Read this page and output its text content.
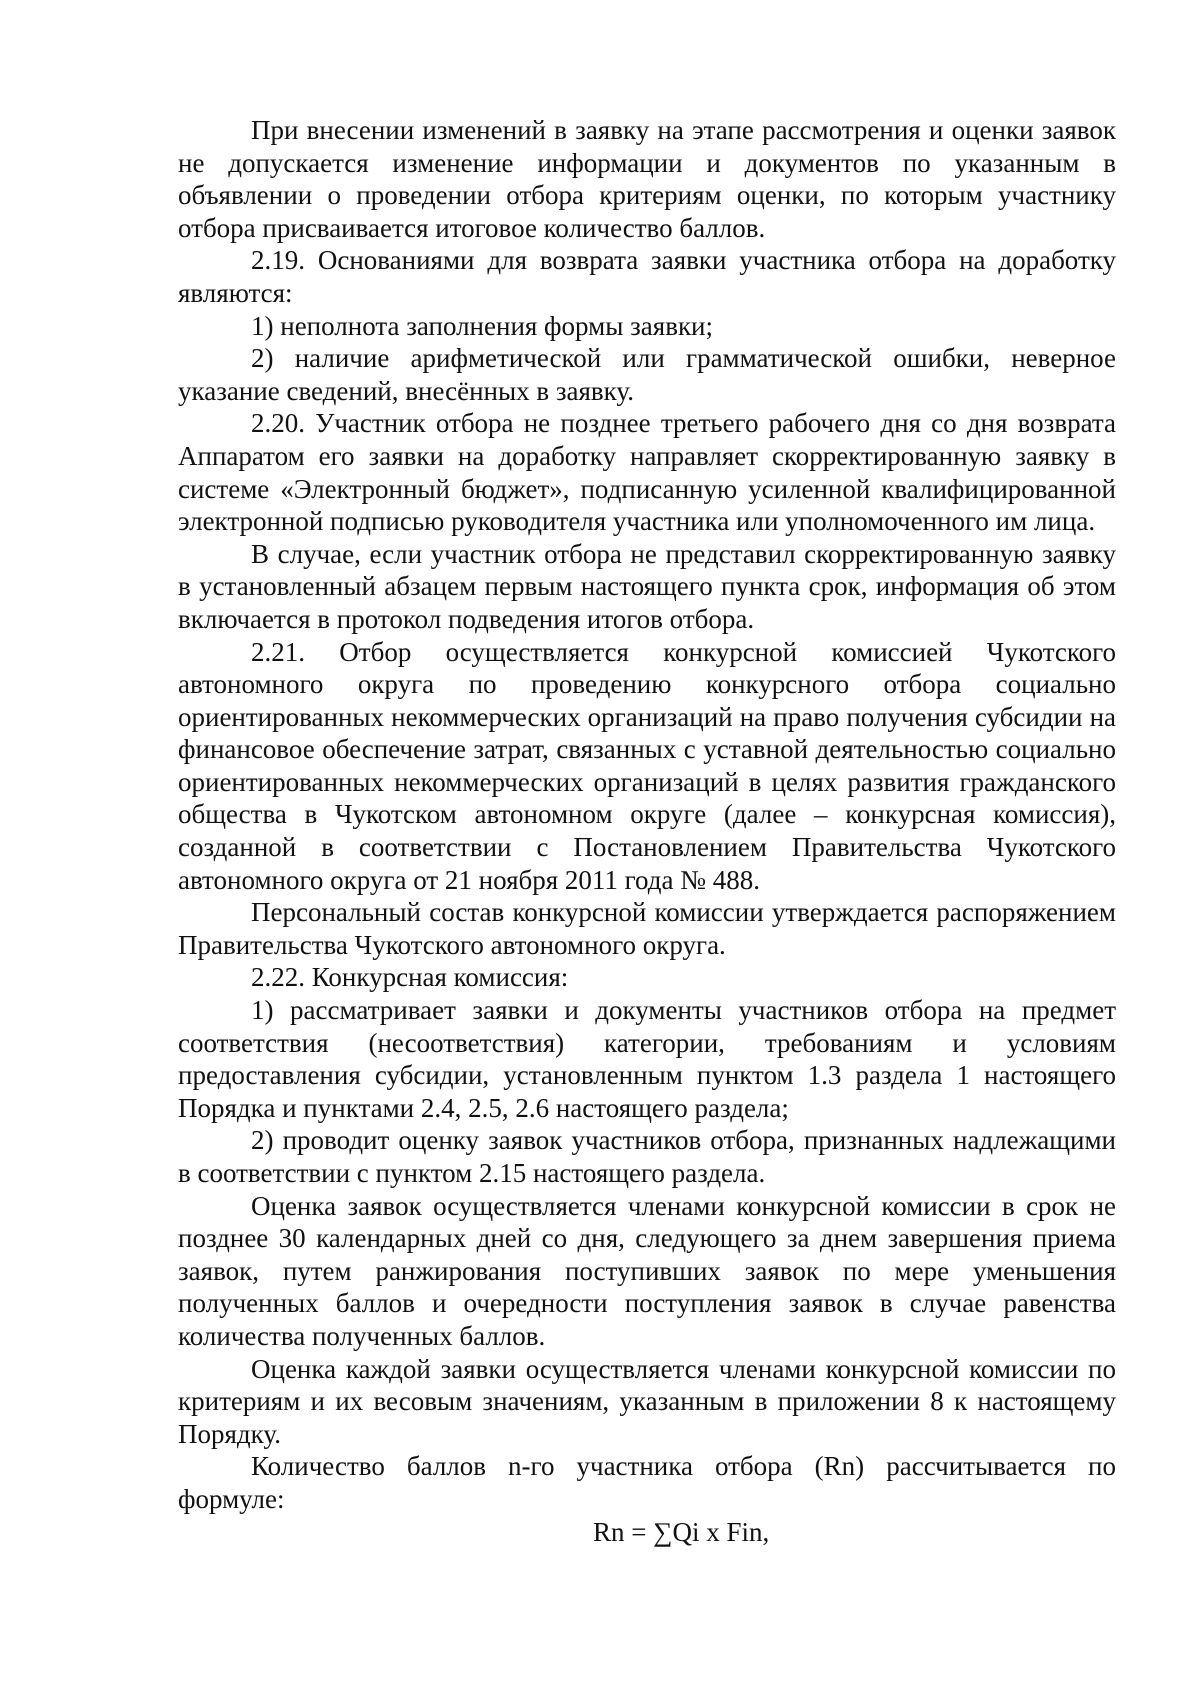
При внесении изменений в заявку на этапе рассмотрения и оценки заявок не допускается изменение информации и документов по указанным в объявлении о проведении отбора критериям оценки, по которым участнику отбора присваивается итоговое количество баллов.

2.19. Основаниями для возврата заявки участника отбора на доработку являются:

1) неполнота заполнения формы заявки;

2) наличие арифметической или грамматической ошибки, неверное указание сведений, внесённых в заявку.

2.20. Участник отбора не позднее третьего рабочего дня со дня возврата Аппаратом его заявки на доработку направляет скорректированную заявку в системе «Электронный бюджет», подписанную усиленной квалифицированной электронной подписью руководителя участника или уполномоченного им лица.

В случае, если участник отбора не представил скорректированную заявку в установленный абзацем первым настоящего пункта срок, информация об этом включается в протокол подведения итогов отбора.

2.21. Отбор осуществляется конкурсной комиссией Чукотского автономного округа по проведению конкурсного отбора социально ориентированных некоммерческих организаций на право получения субсидии на финансовое обеспечение затрат, связанных с уставной деятельностью социально ориентированных некоммерческих организаций в целях развития гражданского общества в Чукотском автономном округе (далее – конкурсная комиссия), созданной в соответствии с Постановлением Правительства Чукотского автономного округа от 21 ноября 2011 года № 488.

Персональный состав конкурсной комиссии утверждается распоряжением Правительства Чукотского автономного округа.

2.22. Конкурсная комиссия:

1) рассматривает заявки и документы участников отбора на предмет соответствия (несоответствия) категории, требованиям и условиям предоставления субсидии, установленным пунктом 1.3 раздела 1 настоящего Порядка и пунктами 2.4, 2.5, 2.6 настоящего раздела;

2) проводит оценку заявок участников отбора, признанных надлежащими в соответствии с пунктом 2.15 настоящего раздела.

Оценка заявок осуществляется членами конкурсной комиссии в срок не позднее 30 календарных дней со дня, следующего за днем завершения приема заявок, путем ранжирования поступивших заявок по мере уменьшения полученных баллов и очередности поступления заявок в случае равенства количества полученных баллов.

Оценка каждой заявки осуществляется членами конкурсной комиссии по критериям и их весовым значениям, указанным в приложении 8 к настоящему Порядку.

Количество баллов n-го участника отбора (Rn) рассчитывается по формуле:

Rn = ∑Qi x Fin,
